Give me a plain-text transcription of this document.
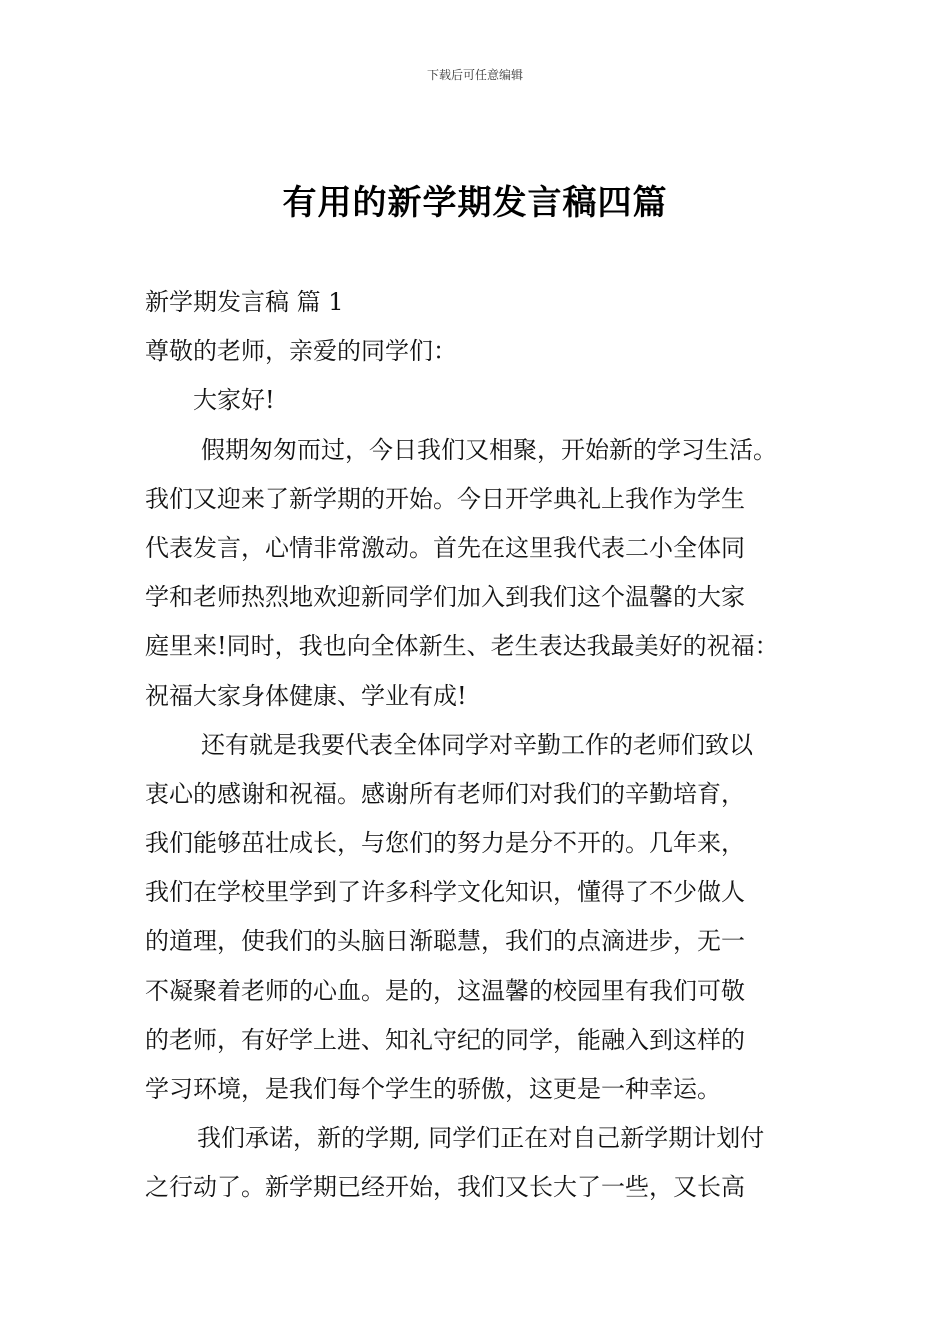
下载后可任意编辑
有用的新学期发言稿四篇
新学期发言稿 篇 1
尊敬的老师，亲爱的同学们：
大家好!
假期匆匆而过，今日我们又相聚，开始新的学习生活。
我们又迎来了新学期的开始。今日开学典礼上我作为学生
代表发言，心情非常激动。首先在这里我代表二小全体同
学和老师热烈地欢迎新同学们加入到我们这个温馨的大家
庭里来!同时，我也向全体新生、老生表达我最美好的祝福：
祝福大家身体健康、学业有成!
还有就是我要代表全体同学对辛勤工作的老师们致以
衷心的感谢和祝福。感谢所有老师们对我们的辛勤培育，
我们能够茁壮成长，与您们的努力是分不开的。几年来，
我们在学校里学到了许多科学文化知识，懂得了不少做人
的道理，使我们的头脑日渐聪慧，我们的点滴进步，无一
不凝聚着老师的心血。是的，这温馨的校园里有我们可敬
的老师，有好学上进、知礼守纪的同学，能融入到这样的
学习环境，是我们每个学生的骄傲，这更是一种幸运。
我们承诺，新的学期, 同学们正在对自己新学期计划付
之行动了。新学期已经开始，我们又长大了一些，又长高
